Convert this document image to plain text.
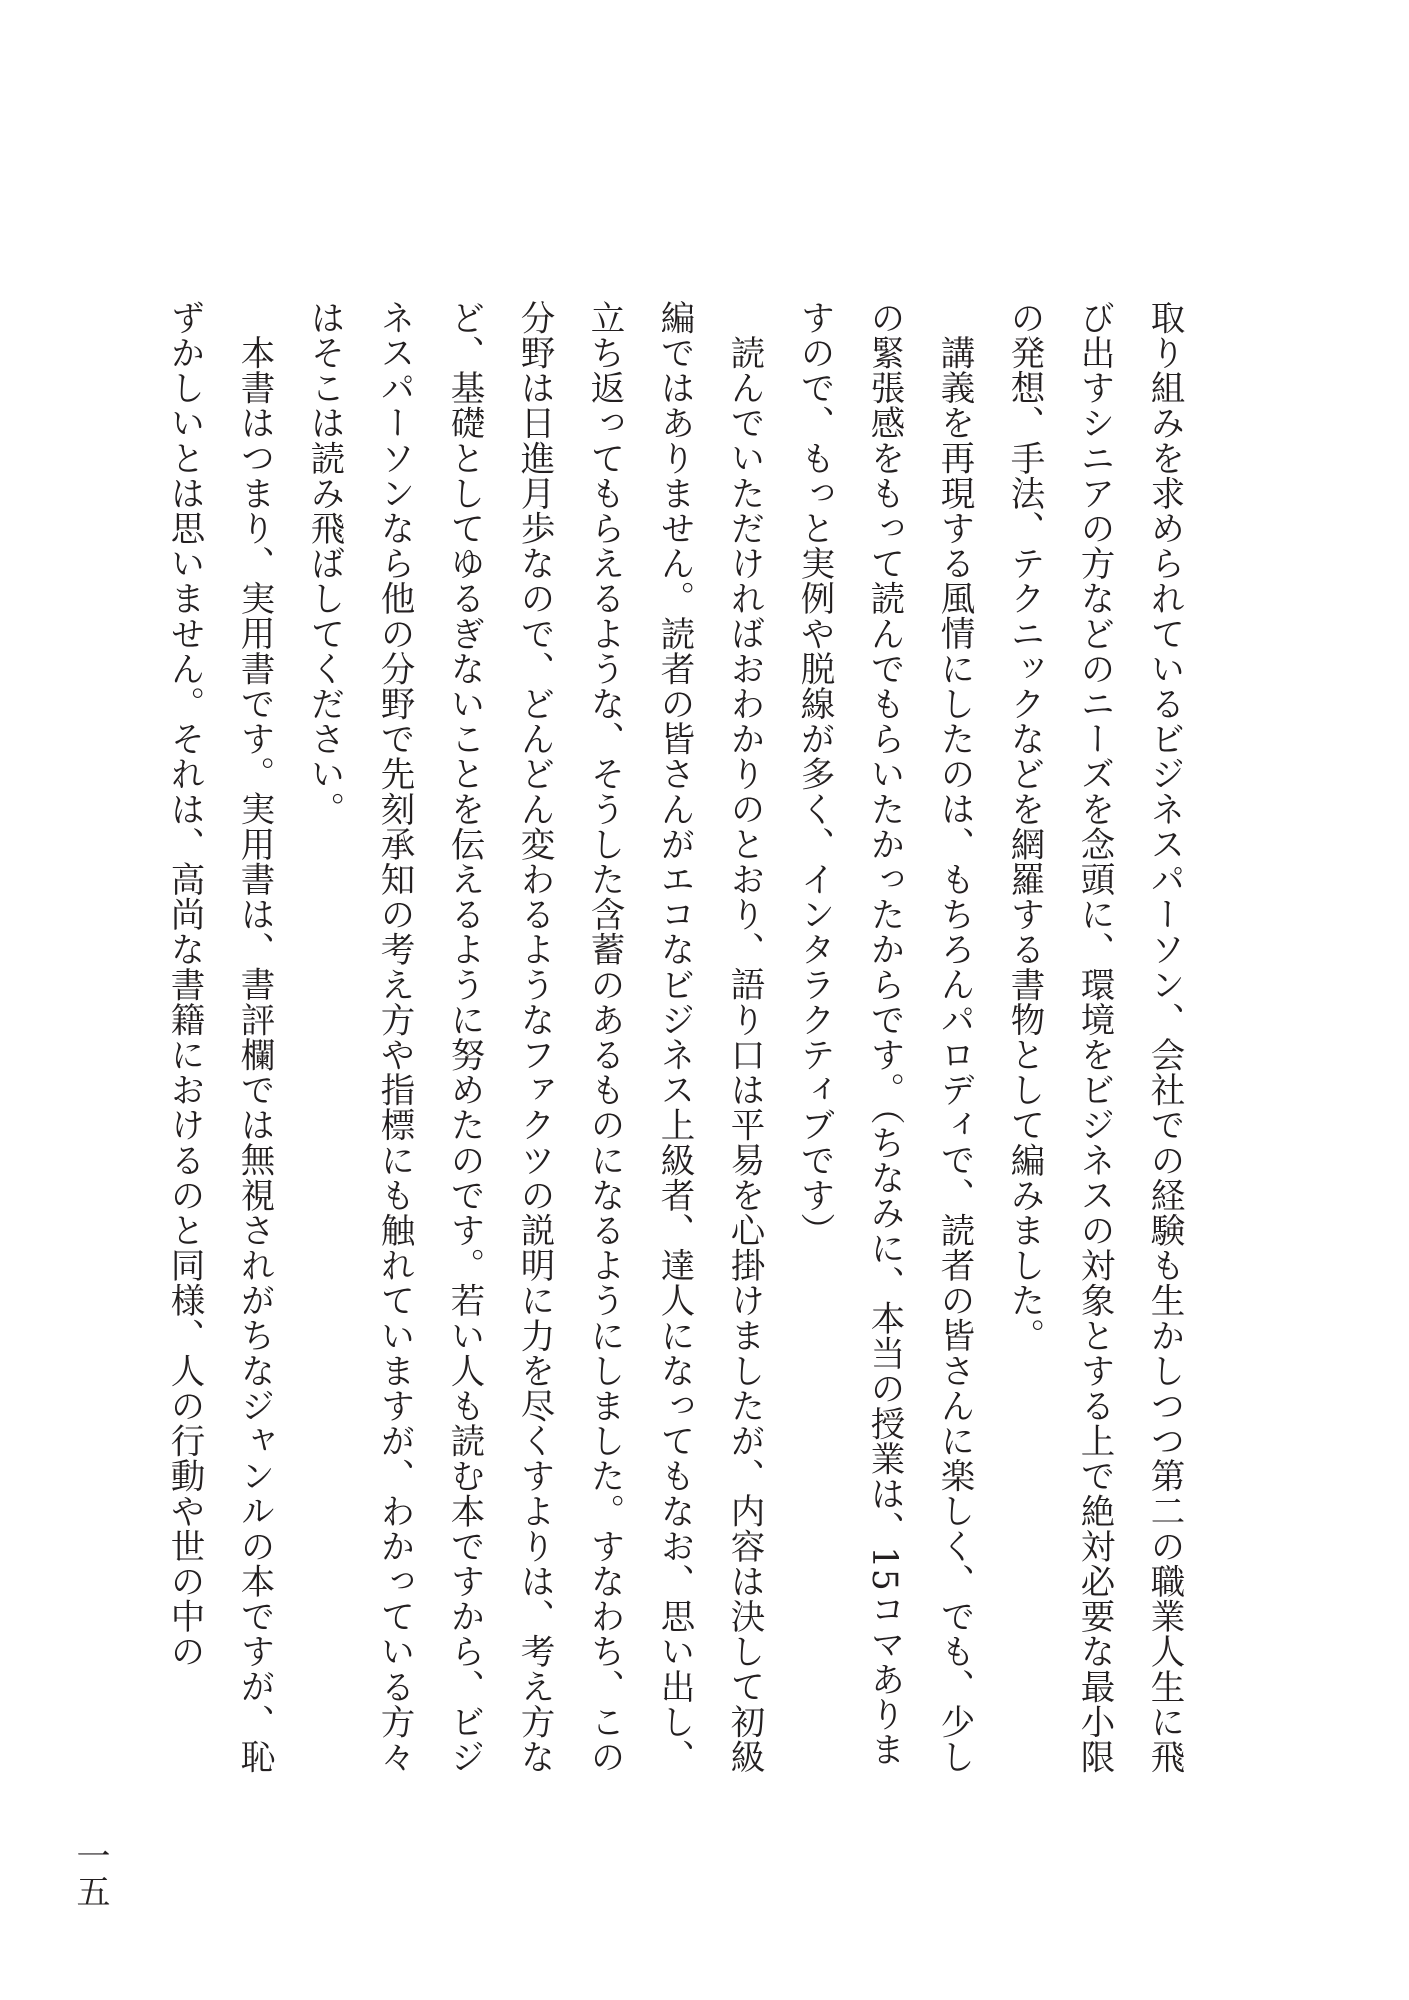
取り組みを求められているビジネスパーソン、会社での経験も生かしつつ第二の職業人生に飛び出すシニアの方などのニーズを念頭に、環境をビジネスの対象とする上で絶対必要な最小限の発想、手法、テクニックなどを網羅する書物として編みました。

講義を再現する風情にしたのは、もちろんパロディで、読者の皆さんに楽しく、でも、少しの緊張感をもって読んでもらいたかったからです。（ちなみに、本当の授業は、15コマありますので、もっと実例や脱線が多く、インタラクティブです）

読んでいただければおわかりのとおり、語り口は平易を心掛けましたが、内容は決して初級編ではありません。読者の皆さんがエコなビジネス上級者、達人になってもなお、思い出し、立ち返ってもらえるような、そうした含蓄のあるものになるようにしました。すなわち、この分野は日進月歩なので、どんどん変わるようなファクツの説明に力を尽くすよりは、考え方など、基礎としてゆるぎないことを伝えるように努めたのです。若い人も読む本ですから、ビジネスパーソンなら他の分野で先刻承知の考え方や指標にも触れていますが、わかっている方々はそこは読み飛ばしてください。

本書はつまり、実用書です。実用書は、書評欄では無視されがちなジャンルの本ですが、恥ずかしいとは思いません。それは、高尚な書籍におけるのと同様、人の行動や世の中の

一五
